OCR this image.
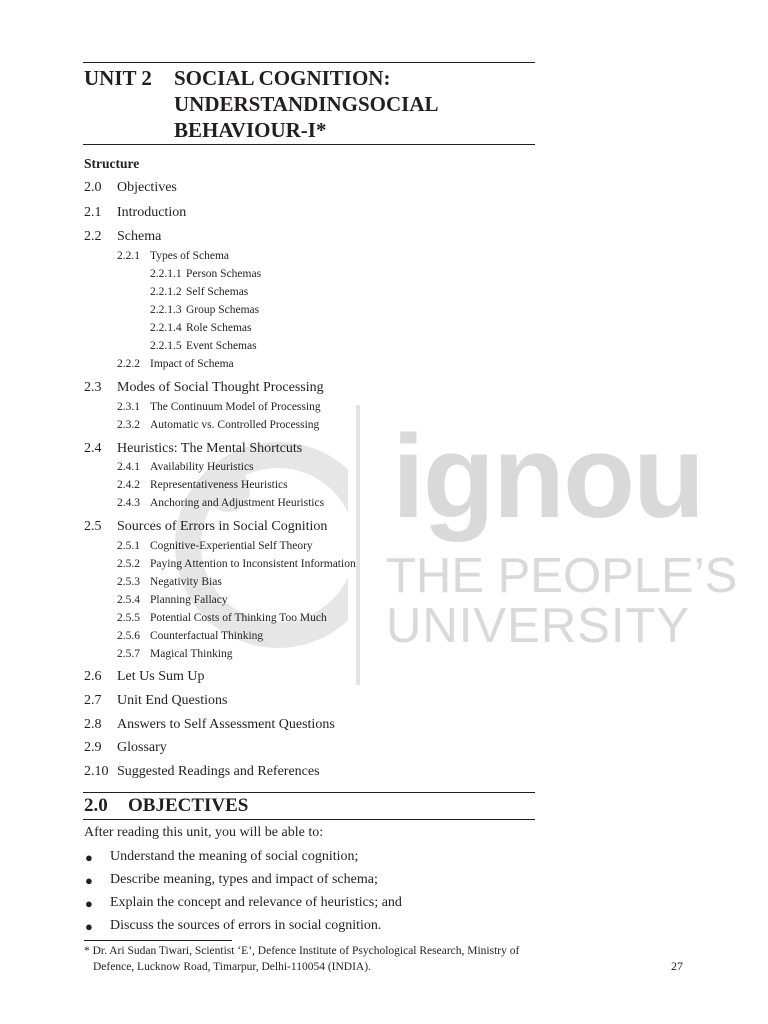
ignou
THE PEOPLE’S
UNIVERSITY
UNIT 2 SOCIAL COGNITION:
UNDERSTANDINGSOCIAL
BEHAVIOUR-I*
Structure
2.0 Objectives
2.1 Introduction
2.2 Schema
2.2.1 Types of Schema
2.2.1.1 Person Schemas
2.2.1.2 Self Schemas
2.2.1.3 Group Schemas
2.2.1.4 Role Schemas
2.2.1.5 Event Schemas
2.2.2 Impact of Schema
2.3 Modes of Social Thought Processing
2.3.1 The Continuum Model of Processing
2.3.2 Automatic vs. Controlled Processing
2.4 Heuristics: The Mental Shortcuts
2.4.1 Availability Heuristics
2.4.2 Representativeness Heuristics
2.4.3 Anchoring and Adjustment Heuristics
2.5 Sources of Errors in Social Cognition
2.5.1 Cognitive-Experiential Self Theory
2.5.2 Paying Attention to Inconsistent Information
2.5.3 Negativity Bias
2.5.4 Planning Fallacy
2.5.5 Potential Costs of Thinking Too Much
2.5.6 Counterfactual Thinking
2.5.7 Magical Thinking
2.6 Let Us Sum Up
2.7 Unit End Questions
2.8 Answers to Self Assessment Questions
2.9 Glossary
2.10 Suggested Readings and References
2.0 OBJECTIVES
After reading this unit, you will be able to:
● Understand the meaning of social cognition;
● Describe meaning, types and impact of schema;
● Explain the concept and relevance of heuristics; and
● Discuss the sources of errors in social cognition.
* Dr. Ari Sudan Tiwari, Scientist ‘E’, Defence Institute of Psychological Research, Ministry of
Defence, Lucknow Road, Timarpur, Delhi-110054 (INDIA).	27
